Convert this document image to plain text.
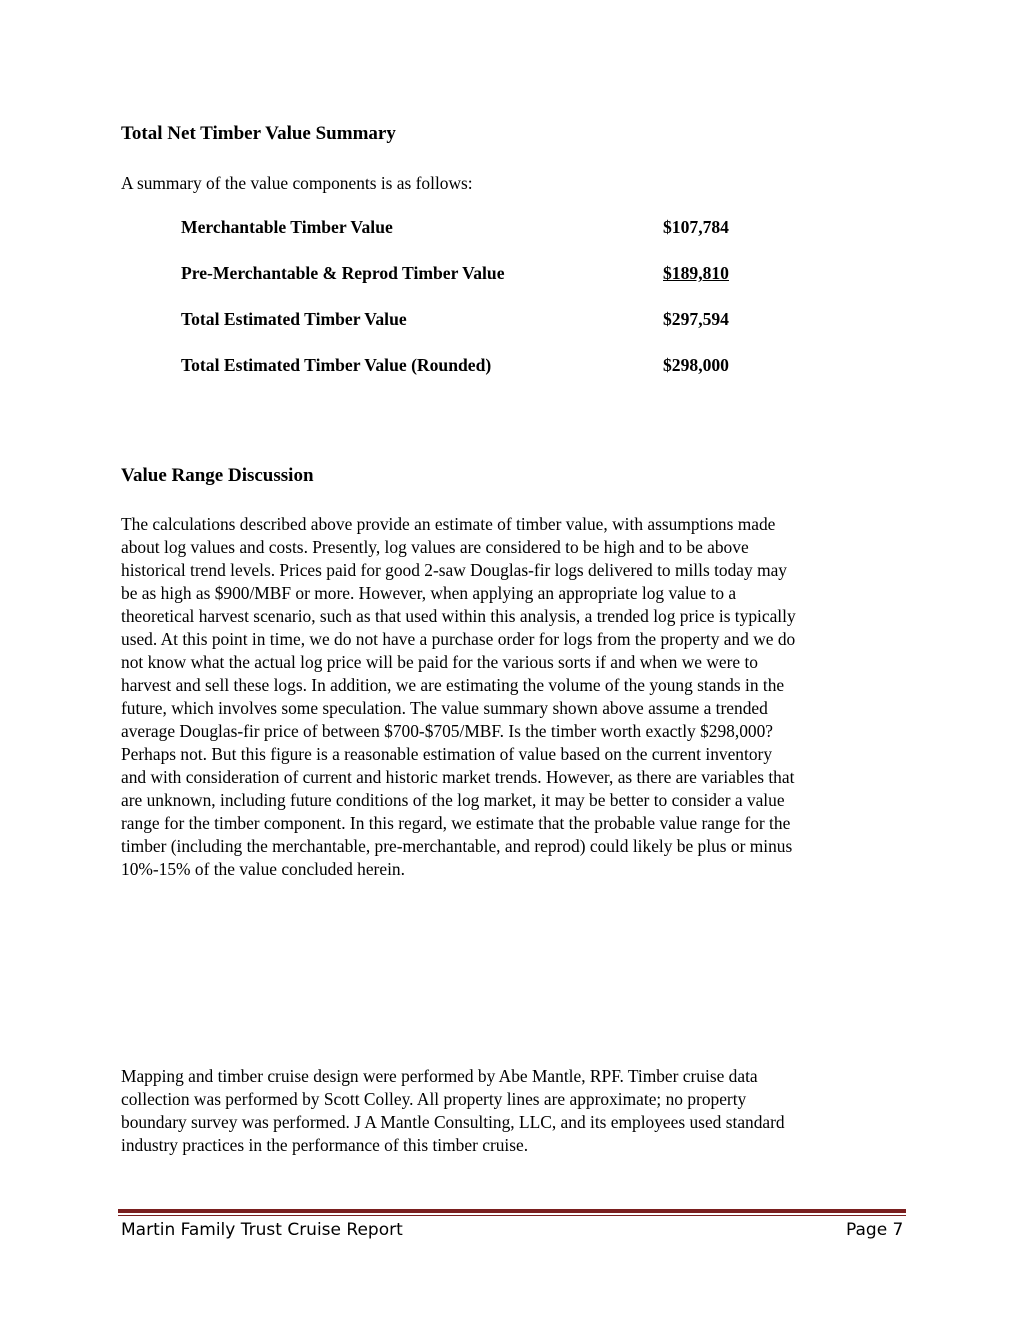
Total Net Timber Value Summary
A summary of the value components is as follows:
Merchantable Timber Value	$107,784
Pre-Merchantable & Reprod Timber Value	$189,810
Total Estimated Timber Value	$297,594
Total Estimated Timber Value (Rounded)	$298,000
Value Range Discussion
The calculations described above provide an estimate of timber value, with assumptions made
about log values and costs. Presently, log values are considered to be high and to be above
historical trend levels. Prices paid for good 2-saw Douglas-fir logs delivered to mills today may
be as high as $900/MBF or more. However, when applying an appropriate log value to a
theoretical harvest scenario, such as that used within this analysis, a trended log price is typically
used. At this point in time, we do not have a purchase order for logs from the property and we do
not know what the actual log price will be paid for the various sorts if and when we were to
harvest and sell these logs. In addition, we are estimating the volume of the young stands in the
future, which involves some speculation. The value summary shown above assume a trended
average Douglas-fir price of between $700-$705/MBF. Is the timber worth exactly $298,000?
Perhaps not. But this figure is a reasonable estimation of value based on the current inventory
and with consideration of current and historic market trends. However, as there are variables that
are unknown, including future conditions of the log market, it may be better to consider a value
range for the timber component. In this regard, we estimate that the probable value range for the
timber (including the merchantable, pre-merchantable, and reprod) could likely be plus or minus
10%-15% of the value concluded herein.
Mapping and timber cruise design were performed by Abe Mantle, RPF. Timber cruise data
collection was performed by Scott Colley. All property lines are approximate; no property
boundary survey was performed. J A Mantle Consulting, LLC, and its employees used standard
industry practices in the performance of this timber cruise.
Martin Family Trust Cruise Report	Page 7
